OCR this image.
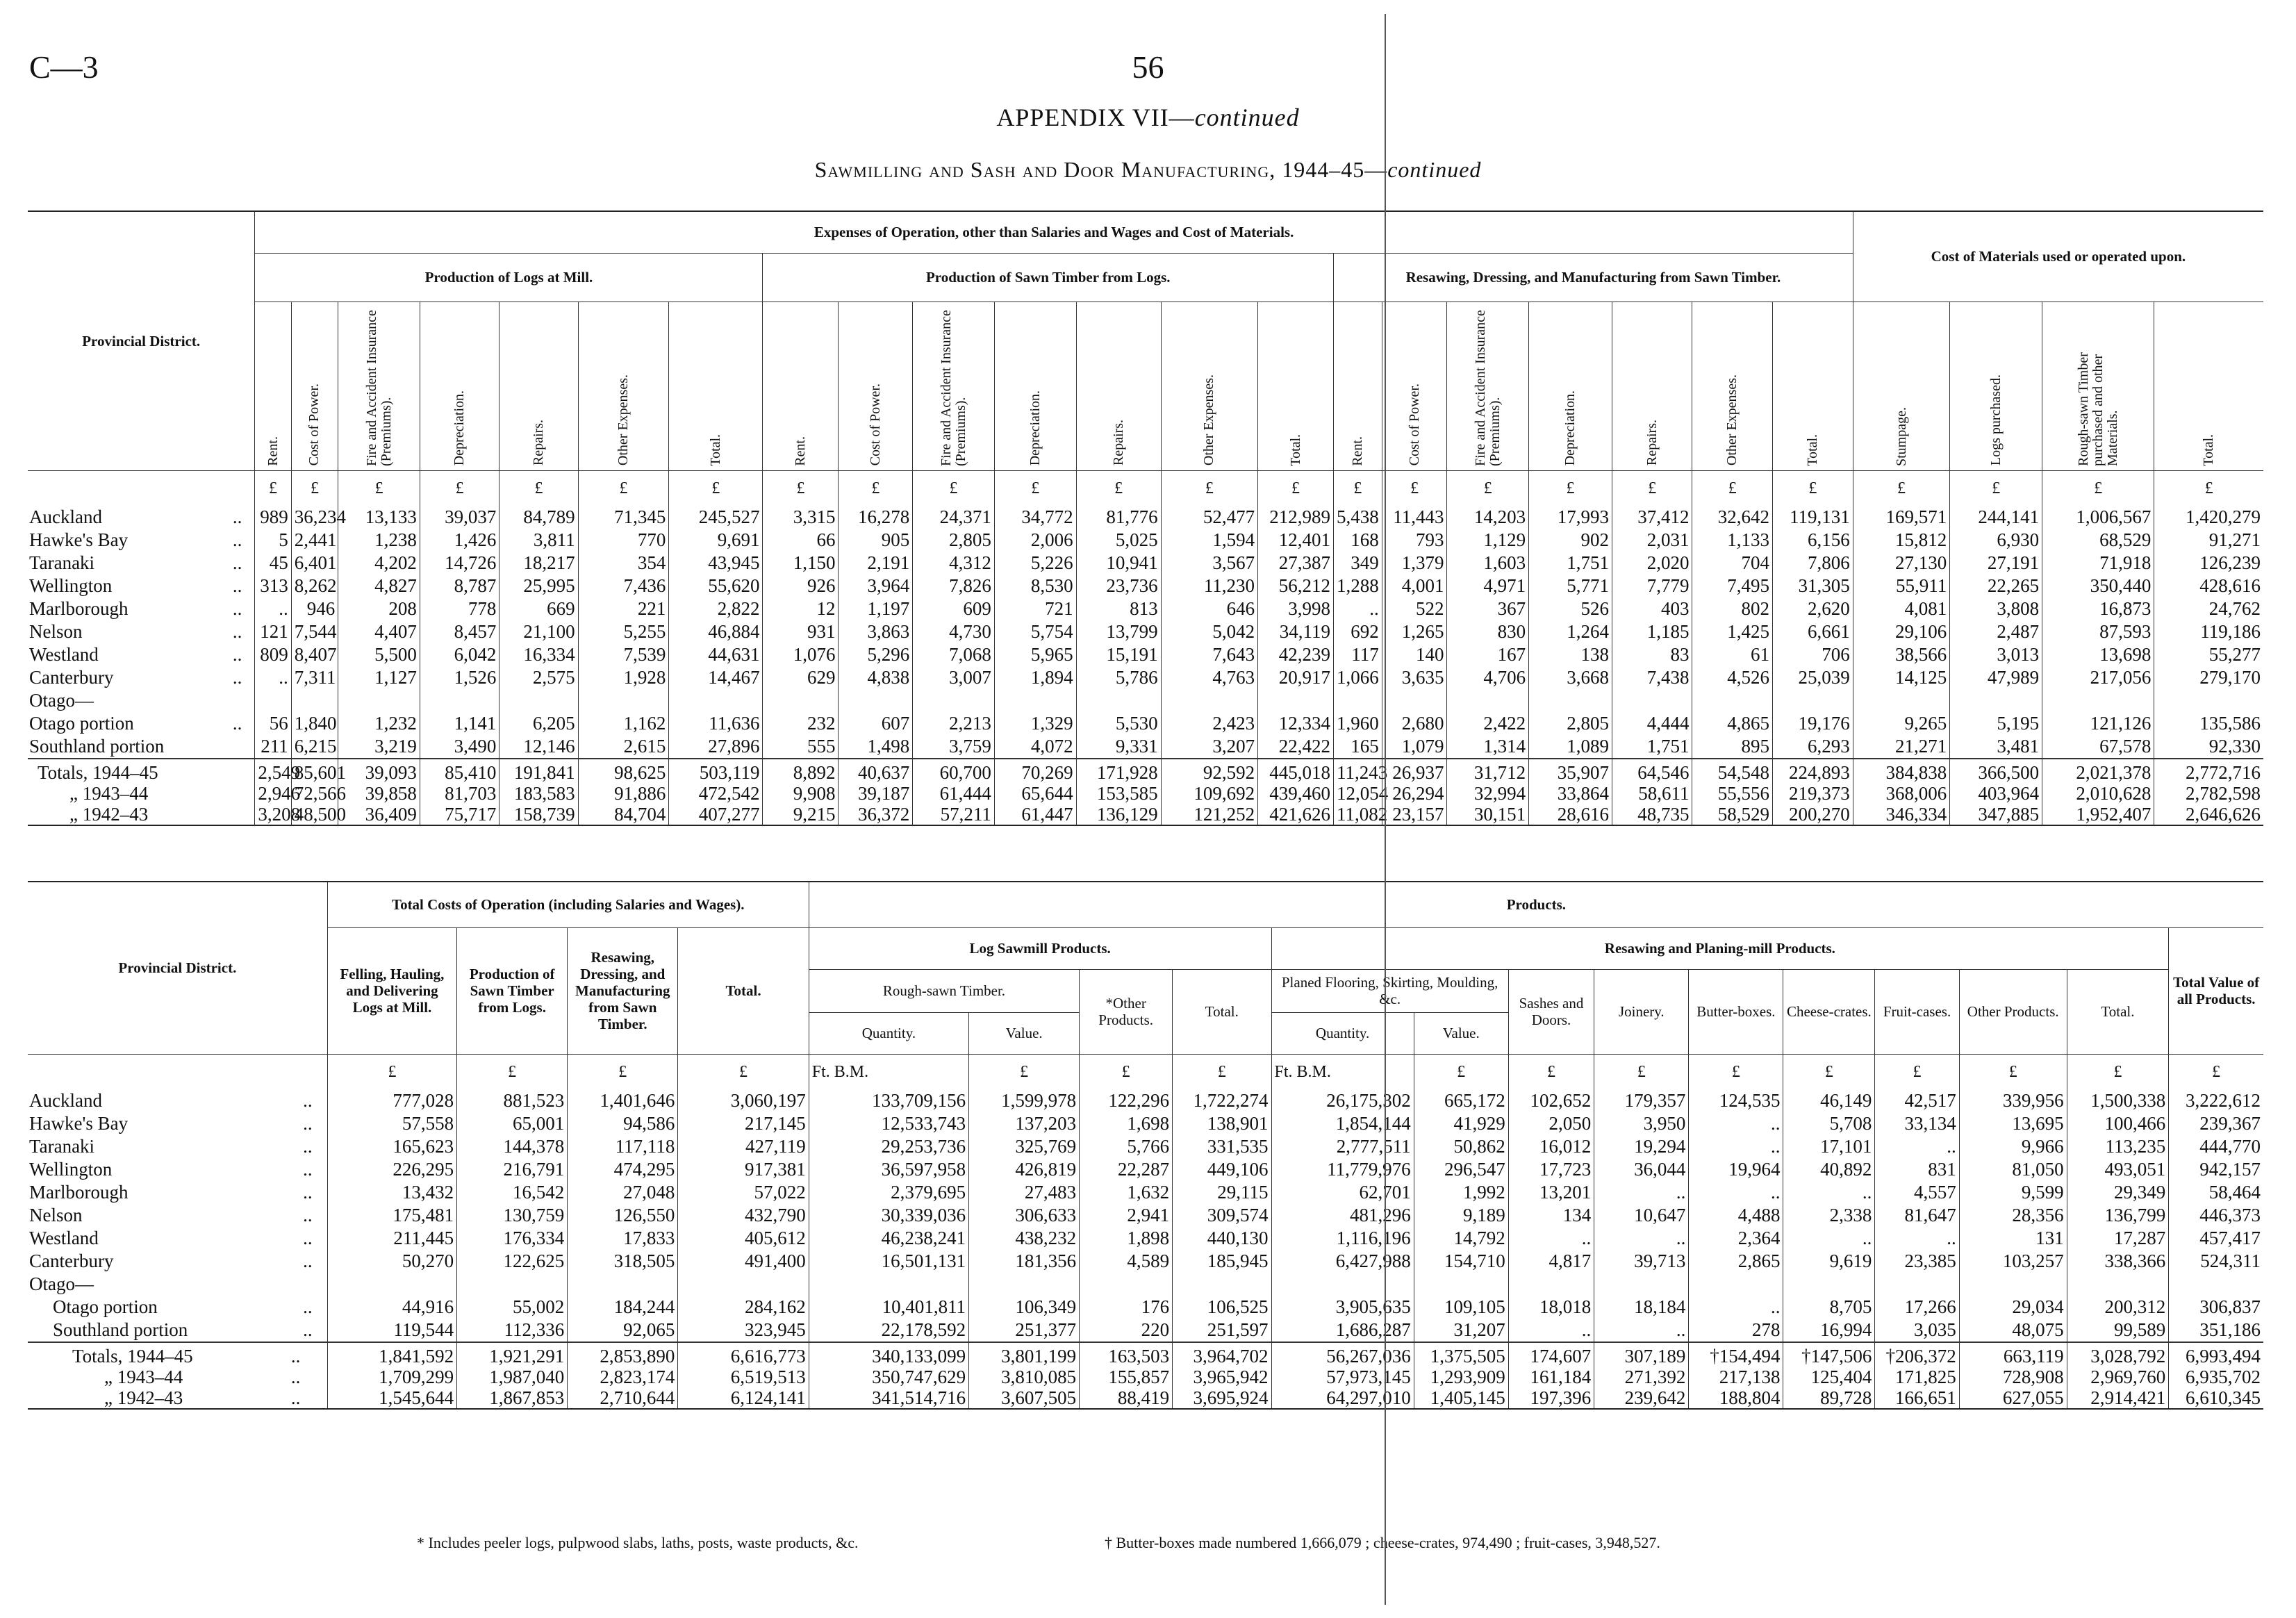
C—3	56
APPENDIX VII—continued
Sawmilling and Sash and Door Manufacturing, 1944–45—continued
Provincial District.	Expenses of Operation, other than Salaries and Wages and Cost of Materials.																					Cost of Materials used or operated upon.			
	Production of Logs at Mill.							Production of Sawn Timber from Logs.							Resawing, Dressing, and Manufacturing from Sawn Timber.										

	Rent.	Cost of Power.	Fire and Accident Insurance (Premiums).	Depreciation.	Repairs.	Other Expenses.	Total.	Rent.	Cost of Power.	Fire and Accident Insurance (Premiums).	Depreciation.	Repairs.	Other Expenses.	Total.	Rent.	Cost of Power.	Fire and Accident Insurance (Premiums).	Depreciation.	Repairs.	Other Expenses.	Total.	Stumpage.	Logs purchased.	Rough-sawn Timber purchased and other Materials.	Total.

	£	£	£	£	£	£	£	£	£	£	£	£	£	£	£	£	£	£	£	£	£	£	£	£	£
Auckland ..	989	36,234	13,133	39,037	84,789	71,345	245,527	3,315	16,278	24,371	34,772	81,776	52,477	212,989	5,438	11,443	14,203	17,993	37,412	32,642	119,131	169,571	244,141	1,006,567	1,420,279
Hawke's Bay ..	5	2,441	1,238	1,426	3,811	770	9,691	66	905	2,805	2,006	5,025	1,594	12,401	168	793	1,129	902	2,031	1,133	6,156	15,812	6,930	68,529	91,271
Taranaki ..	45	6,401	4,202	14,726	18,217	354	43,945	1,150	2,191	4,312	5,226	10,941	3,567	27,387	349	1,379	1,603	1,751	2,020	704	7,806	27,130	27,191	71,918	126,239
Wellington ..	313	8,262	4,827	8,787	25,995	7,436	55,620	926	3,964	7,826	8,530	23,736	11,230	56,212	1,288	4,001	4,971	5,771	7,779	7,495	31,305	55,911	22,265	350,440	428,616
Marlborough ..	..	946	208	778	669	221	2,822	12	1,197	609	721	813	646	3,998	..	522	367	526	403	802	2,620	4,081	3,808	16,873	24,762
Nelson ..	121	7,544	4,407	8,457	21,100	5,255	46,884	931	3,863	4,730	5,754	13,799	5,042	34,119	692	1,265	830	1,264	1,185	1,425	6,661	29,106	2,487	87,593	119,186
Westland ..	809	8,407	5,500	6,042	16,334	7,539	44,631	1,076	5,296	7,068	5,965	15,191	7,643	42,239	117	140	167	138	83	61	706	38,566	3,013	13,698	55,277
Canterbury ..	..	7,311	1,127	1,526	2,575	1,928	14,467	629	4,838	3,007	1,894	5,786	4,763	20,917	1,066	3,635	4,706	3,668	7,438	4,526	25,039	14,125	47,989	217,056	279,170
Otago—																									
Otago portion ..	56	1,840	1,232	1,141	6,205	1,162	11,636	232	607	2,213	1,329	5,530	2,423	12,334	1,960	2,680	2,422	2,805	4,444	4,865	19,176	9,265	5,195	121,126	135,586
Southland portion	211	6,215	3,219	3,490	12,146	2,615	27,896	555	1,498	3,759	4,072	9,331	3,207	22,422	165	1,079	1,314	1,089	1,751	895	6,293	21,271	3,481	67,578	92,330
Totals, 1944–45	2,549	85,601	39,093	85,410	191,841	98,625	503,119	8,892	40,637	60,700	70,269	171,928	92,592	445,018	11,243	26,937	31,712	35,907	64,546	54,548	224,893	384,838	366,500	2,021,378	2,772,716
„ 1943–44	2,946	72,566	39,858	81,703	183,583	91,886	472,542	9,908	39,187	61,444	65,644	153,585	109,692	439,460	12,054	26,294	32,994	33,864	58,611	55,556	219,373	368,006	403,964	2,010,628	2,782,598
„ 1942–43	3,208	48,500	36,409	75,717	158,739	84,704	407,277	9,215	36,372	57,211	61,447	136,129	121,252	421,626	11,082	23,157	30,151	28,616	48,735	58,529	200,270	346,334	347,885	1,952,407	2,646,626
Provincial District.		Total Costs of Operation (including Salaries and Wages).				Products.													
		Felling, Hauling, and Delivering Logs at Mill.	Production of Sawn Timber from Logs.	Resawing, Dressing, and Manufacturing from Sawn Timber.	Total.	Log Sawmill Products.				Resawing and Planing-mill Products.									Total Value of all Products.
						Rough-sawn Timber.		*Other Products.	Total.	Planed Flooring, Skirting, Moulding, &c.		Sashes and Doors.	Joinery.	Butter-boxes.	Cheese-crates.	Fruit-cases.	Other Products.	Total.	
						Quantity.	Value.			Quantity.	Value.								
		£	£	£	£	Ft. B.M.	£	£	£	Ft. B.M.	£	£	£	£	£	£	£	£	£
Auckland	..	777,028	881,523	1,401,646	3,060,197	133,709,156	1,599,978	122,296	1,722,274	26,175,302	665,172	102,652	179,357	124,535	46,149	42,517	339,956	1,500,338	3,222,612
Hawke's Bay	..	57,558	65,001	94,586	217,145	12,533,743	137,203	1,698	138,901	1,854,144	41,929	2,050	3,950	..	5,708	33,134	13,695	100,466	239,367
Taranaki	..	165,623	144,378	117,118	427,119	29,253,736	325,769	5,766	331,535	2,777,511	50,862	16,012	19,294	..	17,101	..	9,966	113,235	444,770
Wellington	..	226,295	216,791	474,295	917,381	36,597,958	426,819	22,287	449,106	11,779,976	296,547	17,723	36,044	19,964	40,892	831	81,050	493,051	942,157
Marlborough	..	13,432	16,542	27,048	57,022	2,379,695	27,483	1,632	29,115	62,701	1,992	13,201	..	..	..	4,557	9,599	29,349	58,464
Nelson	..	175,481	130,759	126,550	432,790	30,339,036	306,633	2,941	309,574	481,296	9,189	134	10,647	4,488	2,338	81,647	28,356	136,799	446,373
Westland	..	211,445	176,334	17,833	405,612	46,238,241	438,232	1,898	440,130	1,116,196	14,792	..	..	2,364	..	..	131	17,287	457,417
Canterbury	..	50,270	122,625	318,505	491,400	16,501,131	181,356	4,589	185,945	6,427,988	154,710	4,817	39,713	2,865	9,619	23,385	103,257	338,366	524,311
Otago—																			
Otago portion	..	44,916	55,002	184,244	284,162	10,401,811	106,349	176	106,525	3,905,635	109,105	18,018	18,184	..	8,705	17,266	29,034	200,312	306,837
Southland portion	..	119,544	112,336	92,065	323,945	22,178,592	251,377	220	251,597	1,686,287	31,207	..	..	278	16,994	3,035	48,075	99,589	351,186
Totals, 1944–45	..	1,841,592	1,921,291	2,853,890	6,616,773	340,133,099	3,801,199	163,503	3,964,702	56,267,036	1,375,505	174,607	307,189	†154,494	†147,506	†206,372	663,119	3,028,792	6,993,494
„ 1943–44	..	1,709,299	1,987,040	2,823,174	6,519,513	350,747,629	3,810,085	155,857	3,965,942	57,973,145	1,293,909	161,184	271,392	217,138	125,404	171,825	728,908	2,969,760	6,935,702
„ 1942–43	..	1,545,644	1,867,853	2,710,644	6,124,141	341,514,716	3,607,505	88,419	3,695,924	64,297,010	1,405,145	197,396	239,642	188,804	89,728	166,651	627,055	2,914,421	6,610,345
* Includes peeler logs, pulpwood slabs, laths, posts, waste products, &c.	† Butter-boxes made numbered 1,666,079 ; cheese-crates, 974,490 ; fruit-cases, 3,948,527.
